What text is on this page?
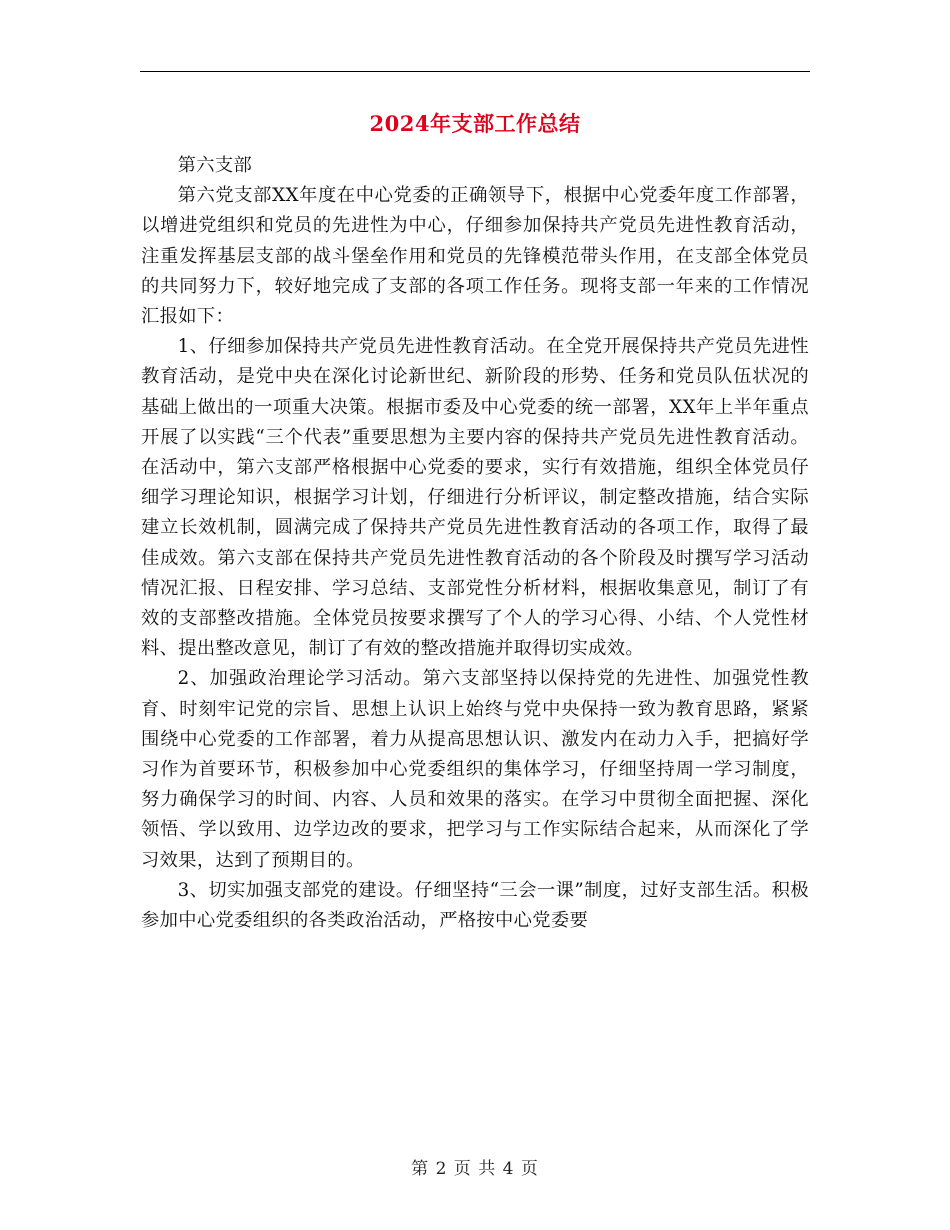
2024年支部工作总结

第六支部

第六党支部XX年度在中心党委的正确领导下，根据中心党委年度工作部署，以增进党组织和党员的先进性为中心，仔细参加保持共产党员先进性教育活动，注重发挥基层支部的战斗堡垒作用和党员的先锋模范带头作用，在支部全体党员的共同努力下，较好地完成了支部的各项工作任务。现将支部一年来的工作情况汇报如下：

1、仔细参加保持共产党员先进性教育活动。在全党开展保持共产党员先进性教育活动，是党中央在深化讨论新世纪、新阶段的形势、任务和党员队伍状况的基础上做出的一项重大决策。根据市委及中心党委的统一部署，XX年上半年重点开展了以实践“三个代表”重要思想为主要内容的保持共产党员先进性教育活动。在活动中，第六支部严格根据中心党委的要求，实行有效措施，组织全体党员仔细学习理论知识，根据学习计划，仔细进行分析评议，制定整改措施，结合实际建立长效机制，圆满完成了保持共产党员先进性教育活动的各项工作，取得了最佳成效。第六支部在保持共产党员先进性教育活动的各个阶段及时撰写学习活动情况汇报、日程安排、学习总结、支部党性分析材料，根据收集意见，制订了有效的支部整改措施。全体党员按要求撰写了个人的学习心得、小结、个人党性材料、提出整改意见，制订了有效的整改措施并取得切实成效。

2、加强政治理论学习活动。第六支部坚持以保持党的先进性、加强党性教育、时刻牢记党的宗旨、思想上认识上始终与党中央保持一致为教育思路，紧紧围绕中心党委的工作部署，着力从提高思想认识、激发内在动力入手，把搞好学习作为首要环节，积极参加中心党委组织的集体学习，仔细坚持周一学习制度，努力确保学习的时间、内容、人员和效果的落实。在学习中贯彻全面把握、深化领悟、学以致用、边学边改的要求，把学习与工作实际结合起来，从而深化了学习效果，达到了预期目的。

3、切实加强支部党的建设。仔细坚持“三会一课”制度，过好支部生活。积极参加中心党委组织的各类政治活动，严格按中心党委要

第 2 页 共 4 页
